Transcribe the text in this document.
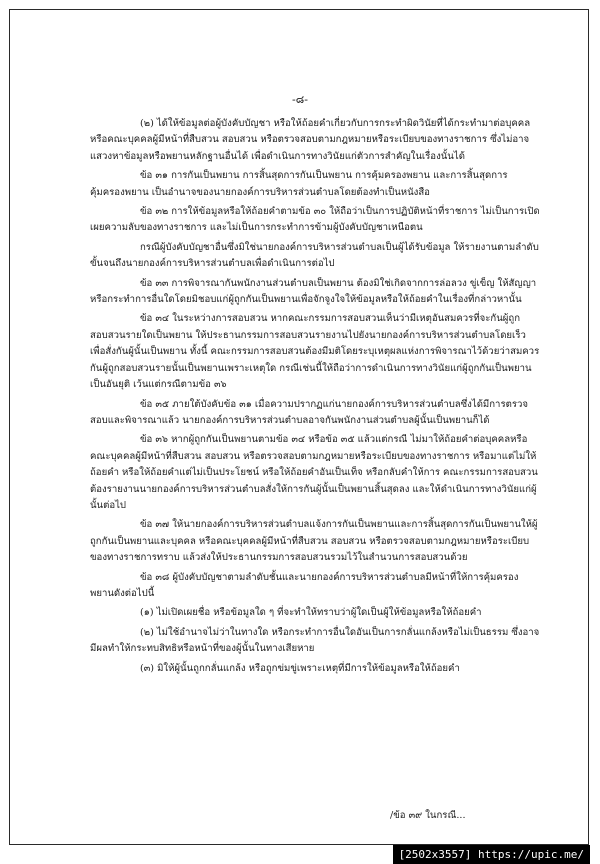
-๘-

(๒) ได้ให้ข้อมูลต่อผู้บังคับบัญชา หรือให้ถ้อยคำเกี่ยวกับการกระทำผิดวินัยที่ได้กระทำมาต่อบุคคลหรือคณะบุคคลผู้มีหน้าที่สืบสวน สอบสวน หรือตรวจสอบตามกฎหมายหรือระเบียบของทางราชการ ซึ่งไม่อาจแสวงหาข้อมูลหรือพยานหลักฐานอื่นได้ เพื่อดำเนินการทางวินัยแก่ตัวการสำคัญในเรื่องนั้นได้

ข้อ ๓๑ การกันเป็นพยาน การสิ้นสุดการกันเป็นพยาน การคุ้มครองพยาน และการสิ้นสุดการคุ้มครองพยาน เป็นอำนาจของนายกองค์การบริหารส่วนตำบลโดยต้องทำเป็นหนังสือ

ข้อ ๓๒ การให้ข้อมูลหรือให้ถ้อยคำตามข้อ ๓๐ ให้ถือว่าเป็นการปฏิบัติหน้าที่ราชการ ไม่เป็นการเปิดเผยความลับของทางราชการ และไม่เป็นการกระทำการข้ามผู้บังคับบัญชาเหนือตน

กรณีผู้บังคับบัญชาอื่นซึ่งมิใช่นายกองค์การบริหารส่วนตำบลเป็นผู้ได้รับข้อมูล ให้รายงานตามลำดับขั้นจนถึงนายกองค์การบริหารส่วนตำบลเพื่อดำเนินการต่อไป

ข้อ ๓๓ การพิจารณากันพนักงานส่วนตำบลเป็นพยาน ต้องมิใช่เกิดจากการล่อลวง ขู่เข็ญ ให้สัญญา หรือกระทำการอื่นใดโดยมิชอบแก่ผู้ถูกกันเป็นพยานเพื่อจักจูงใจให้ข้อมูลหรือให้ถ้อยคำในเรื่องที่กล่าวหานั้น

ข้อ ๓๔ ในระหว่างการสอบสวน หากคณะกรรมการสอบสวนเห็นว่ามีเหตุอันสมควรที่จะกันผู้ถูกสอบสวนรายใดเป็นพยาน ให้ประธานกรรมการสอบสวนรายงานไปยังนายกองค์การบริหารส่วนตำบลโดยเร็วเพื่อสั่งกันผู้นั้นเป็นพยาน ทั้งนี้ คณะกรรมการสอบสวนต้องมีมติโดยระบุเหตุผลแห่งการพิจารณาไว้ด้วยว่าสมควรกันผู้ถูกสอบสวนรายนั้นเป็นพยานเพราะเหตุใด กรณีเช่นนี้ให้ถือว่าการดำเนินการทางวินัยแก่ผู้ถูกกันเป็นพยานเป็นอันยุติ เว้นแต่กรณีตามข้อ ๓๖

ข้อ ๓๕ ภายใต้บังคับข้อ ๓๑ เมื่อความปรากฏแก่นายกองค์การบริหารส่วนตำบลซึ่งได้มีการตรวจสอบและพิจารณาแล้ว นายกองค์การบริหารส่วนตำบลอาจกันพนักงานส่วนตำบลผู้นั้นเป็นพยานก็ได้

ข้อ ๓๖ หากผู้ถูกกันเป็นพยานตามข้อ ๓๔ หรือข้อ ๓๕ แล้วแต่กรณี ไม่มาให้ถ้อยคำต่อบุคคลหรือคณะบุคคลผู้มีหน้าที่สืบสวน สอบสวน หรือตรวจสอบตามกฎหมายหรือระเบียบของทางราชการ หรือมาแต่ไม่ให้ถ้อยคำ หรือให้ถ้อยคำแต่ไม่เป็นประโยชน์ หรือให้ถ้อยคำอันเป็นเท็จ หรือกลับคำให้การ คณะกรรมการสอบสวนต้องรายงานนายกองค์การบริหารส่วนตำบลสั่งให้การกันผู้นั้นเป็นพยานสิ้นสุดลง และให้ดำเนินการทางวินัยแก่ผู้นั้นต่อไป

ข้อ ๓๗ ให้นายกองค์การบริหารส่วนตำบลแจ้งการกันเป็นพยานและการสิ้นสุดการกันเป็นพยานให้ผู้ถูกกันเป็นพยานและบุคคล หรือคณะบุคคลผู้มีหน้าที่สืบสวน สอบสวน หรือตรวจสอบตามกฎหมายหรือระเบียบของทางราชการทราบ แล้วส่งให้ประธานกรรมการสอบสวนรวมไว้ในสำนวนการสอบสวนด้วย

ข้อ ๓๘ ผู้บังคับบัญชาตามลำดับชั้นและนายกองค์การบริหารส่วนตำบลมีหน้าที่ให้การคุ้มครองพยานดังต่อไปนี้

(๑) ไม่เปิดเผยชื่อ หรือข้อมูลใด ๆ ที่จะทำให้ทราบว่าผู้ใดเป็นผู้ให้ข้อมูลหรือให้ถ้อยคำ

(๒) ไม่ใช้อำนาจไม่ว่าในทางใด หรือกระทำการอื่นใดอันเป็นการกลั่นแกล้งหรือไม่เป็นธรรม ซึ่งอาจมีผลทำให้กระทบสิทธิหรือหน้าที่ของผู้นั้นในทางเสียหาย

(๓) มิให้ผู้นั้นถูกกลั่นแกล้ง หรือถูกข่มขู่เพราะเหตุที่มีการให้ข้อมูลหรือให้ถ้อยคำ

/ข้อ ๓๙ ในกรณี...
[2502x3557] https://upic.me/
